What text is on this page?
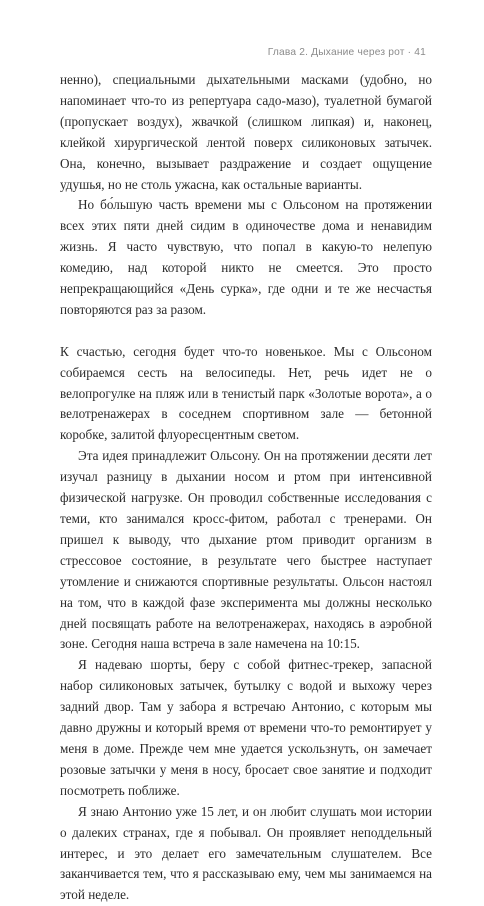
Глава 2. Дыхание через рот · 41

ненно), специальными дыхательными масками (удобно, но напоминает что-то из репертуара садо-мазо), туалетной бумагой (пропускает воздух), жвачкой (слишком липкая) и, наконец, клейкой хирургической лентой поверх силиконовых затычек. Она, конечно, вызывает раздражение и создает ощущение удушья, но не столь ужасна, как остальные варианты.

Но бо́льшую часть времени мы с Ольсоном на протяжении всех этих пяти дней сидим в одиночестве дома и ненавидим жизнь. Я часто чувствую, что попал в какую-то нелепую комедию, над которой никто не смеется. Это просто непрекращающийся «День сурка», где одни и те же несчастья повторяются раз за разом.

К счастью, сегодня будет что-то новенькое. Мы с Ольсоном собираемся сесть на велосипеды. Нет, речь идет не о велопрогулке на пляж или в тенистый парк «Золотые ворота», а о велотренажерах в соседнем спортивном зале — бетонной коробке, залитой флуоресцентным светом.

Эта идея принадлежит Ольсону. Он на протяжении десяти лет изучал разницу в дыхании носом и ртом при интенсивной физической нагрузке. Он проводил собственные исследования с теми, кто занимался кросс-фитом, работал с тренерами. Он пришел к выводу, что дыхание ртом приводит организм в стрессовое состояние, в результате чего быстрее наступает утомление и снижаются спортивные результаты. Ольсон настоял на том, что в каждой фазе эксперимента мы должны несколько дней посвящать работе на велотренажерах, находясь в аэробной зоне. Сегодня наша встреча в зале намечена на 10:15.

Я надеваю шорты, беру с собой фитнес-трекер, запасной набор силиконовых затычек, бутылку с водой и выхожу через задний двор. Там у забора я встречаю Антонио, с которым мы давно дружны и который время от времени что-то ремонтирует у меня в доме. Прежде чем мне удается ускользнуть, он замечает розовые затычки у меня в носу, бросает свое занятие и подходит посмотреть поближе.

Я знаю Антонио уже 15 лет, и он любит слушать мои истории о далеких странах, где я побывал. Он проявляет неподдельный интерес, и это делает его замечательным слушателем. Все заканчивается тем, что я рассказываю ему, чем мы занимаемся на этой неделе.
